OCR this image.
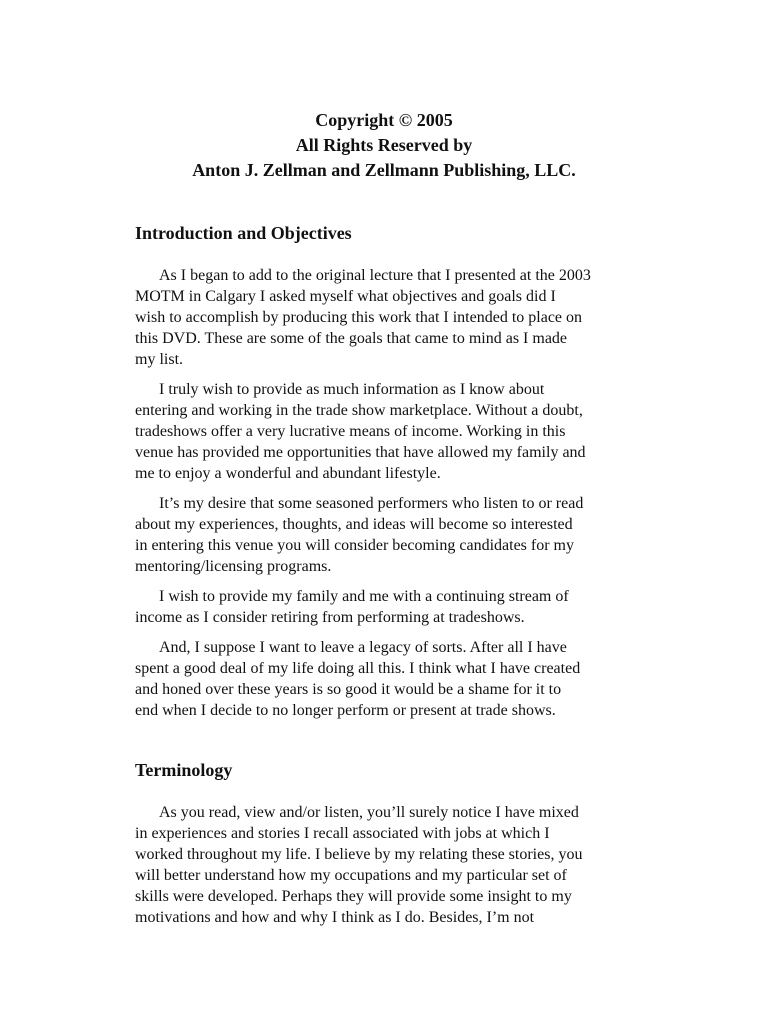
Copyright © 2005
All Rights Reserved by
Anton J. Zellman and Zellmann Publishing, LLC.
Introduction and Objectives

As I began to add to the original lecture that I presented at the 2003
MOTM in Calgary I asked myself what objectives and goals did I
wish to accomplish by producing this work that I intended to place on
this DVD. These are some of the goals that came to mind as I made
my list.

I truly wish to provide as much information as I know about
entering and working in the trade show marketplace. Without a doubt,
tradeshows offer a very lucrative means of income. Working in this
venue has provided me opportunities that have allowed my family and
me to enjoy a wonderful and abundant lifestyle.

It’s my desire that some seasoned performers who listen to or read
about my experiences, thoughts, and ideas will become so interested
in entering this venue you will consider becoming candidates for my
mentoring/licensing programs.

I wish to provide my family and me with a continuing stream of
income as I consider retiring from performing at tradeshows.

And, I suppose I want to leave a legacy of sorts. After all I have
spent a good deal of my life doing all this. I think what I have created
and honed over these years is so good it would be a shame for it to
end when I decide to no longer perform or present at trade shows.

Terminology

As you read, view and/or listen, you’ll surely notice I have mixed
in experiences and stories I recall associated with jobs at which I
worked throughout my life. I believe by my relating these stories, you
will better understand how my occupations and my particular set of
skills were developed. Perhaps they will provide some insight to my
motivations and how and why I think as I do. Besides, I’m not
